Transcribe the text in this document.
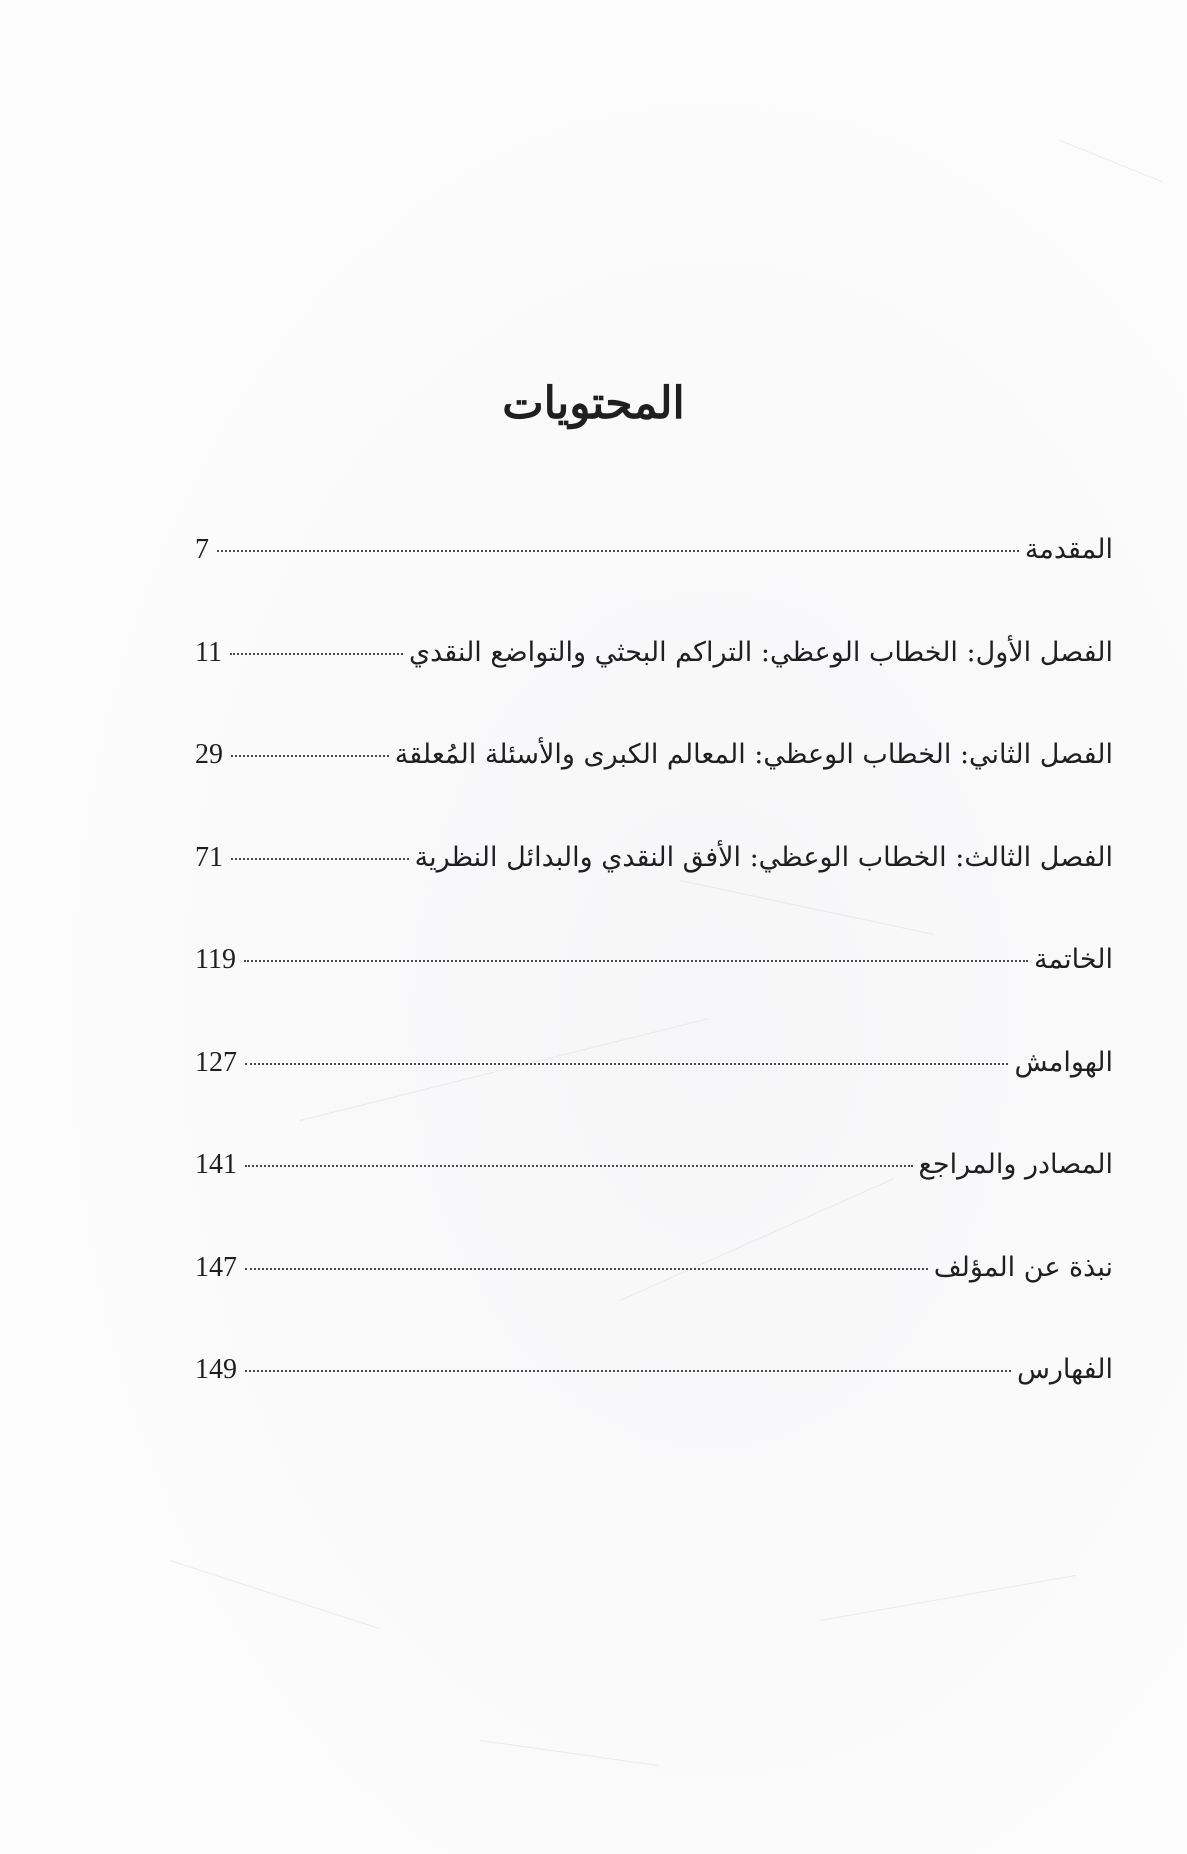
المحتويات
المقدمة
7
الفصل الأول: الخطاب الوعظي: التراكم البحثي والتواضع النقدي
11
الفصل الثاني: الخطاب الوعظي: المعالم الكبرى والأسئلة المُعلقة
29
الفصل الثالث: الخطاب الوعظي: الأفق النقدي والبدائل النظرية
71
الخاتمة
119
الهوامش
127
المصادر والمراجع
141
نبذة عن المؤلف
147
الفهارس
149
